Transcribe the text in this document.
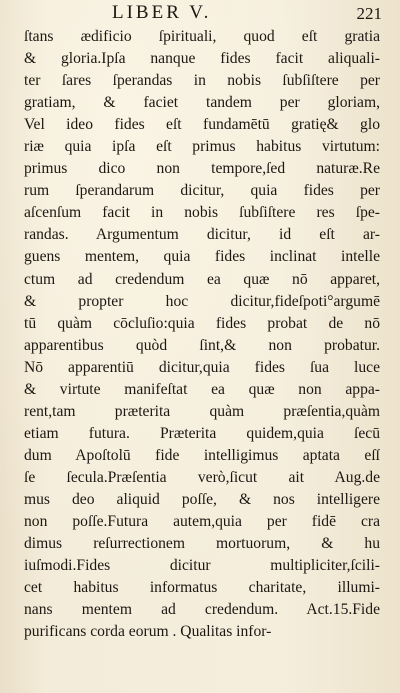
LIBER V.	221
ſtans ædificio ſpirituali, quod eſt gratia
& gloria.Ipſa nanque fides facit aliquali-
ter ſares ſperandas in nobis ſubſiſtere per
gratiam, & faciet tandem per gloriam,
Vel ideo fides eſt fundamētū gratię& glo
riæ quia ipſa eſt primus habitus virtutum:
primus dico non tempore,ſed naturæ.Re
rum ſperandarum dicitur, quia fides per
aſcenſum facit in nobis ſubſiſtere res ſpe-
randas. Argumentum dicitur, id eſt ar-
guens mentem, quia fides inclinat intelle
ctum ad credendum ea quæ nō apparet,
& propter hoc dicitur,fideſpoti°argumē
tū quàm cōcluſio:quia fides probat de nō
apparentibus quòd ſint,& non probatur.
Nō apparentiū dicitur,quia fides ſua luce
& virtute manifeſtat ea quæ non appa-
rent,tam præterita quàm præſentia,quàm
etiam futura. Præterita quidem,quia ſecū
dum Apoſtolū fide intelligimus aptata eſſ
ſe ſecula.Præſentia verò,ſicut ait Aug.de
mus deo aliquid poſſe, & nos intelligere
non poſſe.Futura autem,quia per fidē cra
dimus reſurrectionem mortuorum, & hu
iuſmodi.Fides dicitur multipliciter,ſcili-
cet habitus informatus charitate, illumi-
nans mentem ad credendum. Act.15.Fide
purificans corda eorum . Qualitas infor-
